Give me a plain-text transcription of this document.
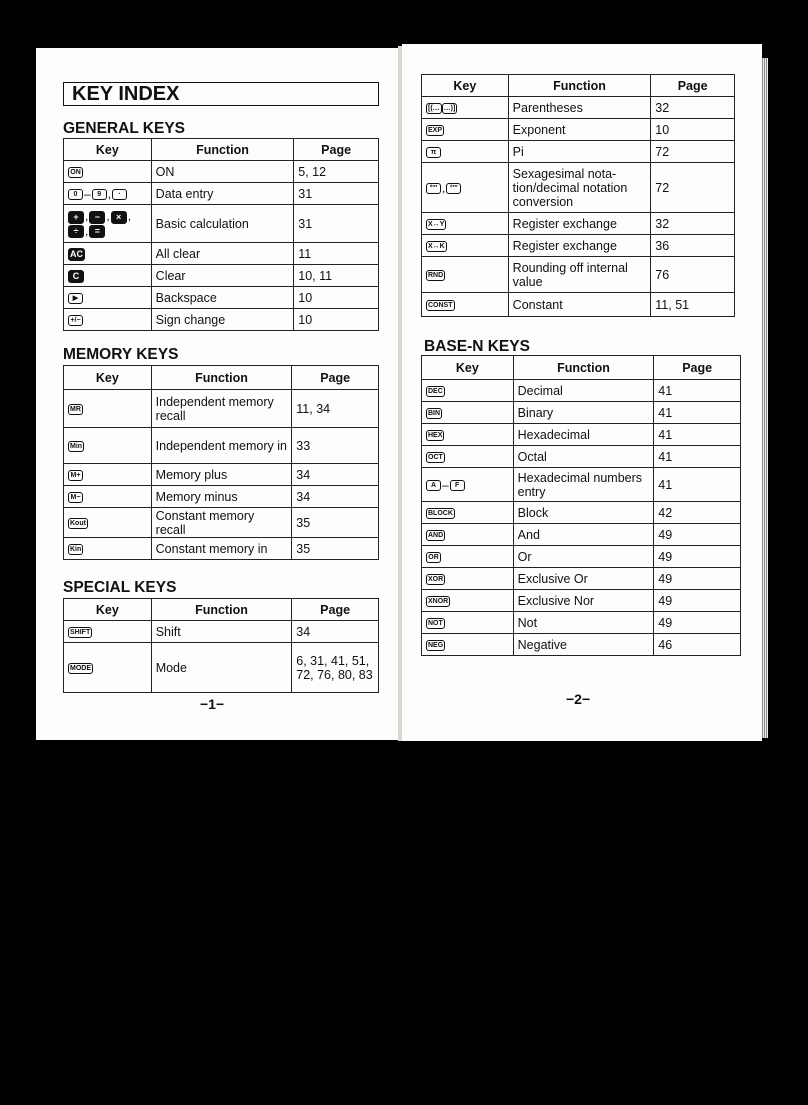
KEY INDEX
GENERAL KEYS
Key	Function	Page
ON	ON	5, 12
0 – 9 , ·	Data entry	31
+ , − , × ,÷ , =	Basic calculation	31
AC	All clear	11
C	Clear	10, 11
▶	Backspace	10
+/−	Sign change	10
MEMORY KEYS
Key	Function	Page
MR	Independent memory recall	11, 34
Min	Independent memory in	33
M+	Memory plus	34
M−	Memory minus	34
Kout	Constant memory recall	35
Kin	Constant memory in	35
SPECIAL KEYS
Key	Function	Page
SHIFT	Shift	34
MODE	Mode	6, 31, 41, 51, 72, 76, 80, 83
−1−
Key	Function	Page
[(… …)]	Parentheses	32
EXP	Exponent	10
π	Pi	72
°′″ , °′″	Sexagesimal nota-tion/decimal notation conversion	72
X↔Y	Register exchange	32
X↔K	Register exchange	36
RND	Rounding off internal value	76
CONST	Constant	11, 51
BASE-N KEYS
Key	Function	Page
DEC	Decimal	41
BIN	Binary	41
HEX	Hexadecimal	41
OCT	Octal	41
A – F	Hexadecimal numbers entry	41
BLOCK	Block	42
AND	And	49
OR	Or	49
XOR	Exclusive Or	49
XNOR	Exclusive Nor	49
NOT	Not	49
NEG	Negative	46
−2−
